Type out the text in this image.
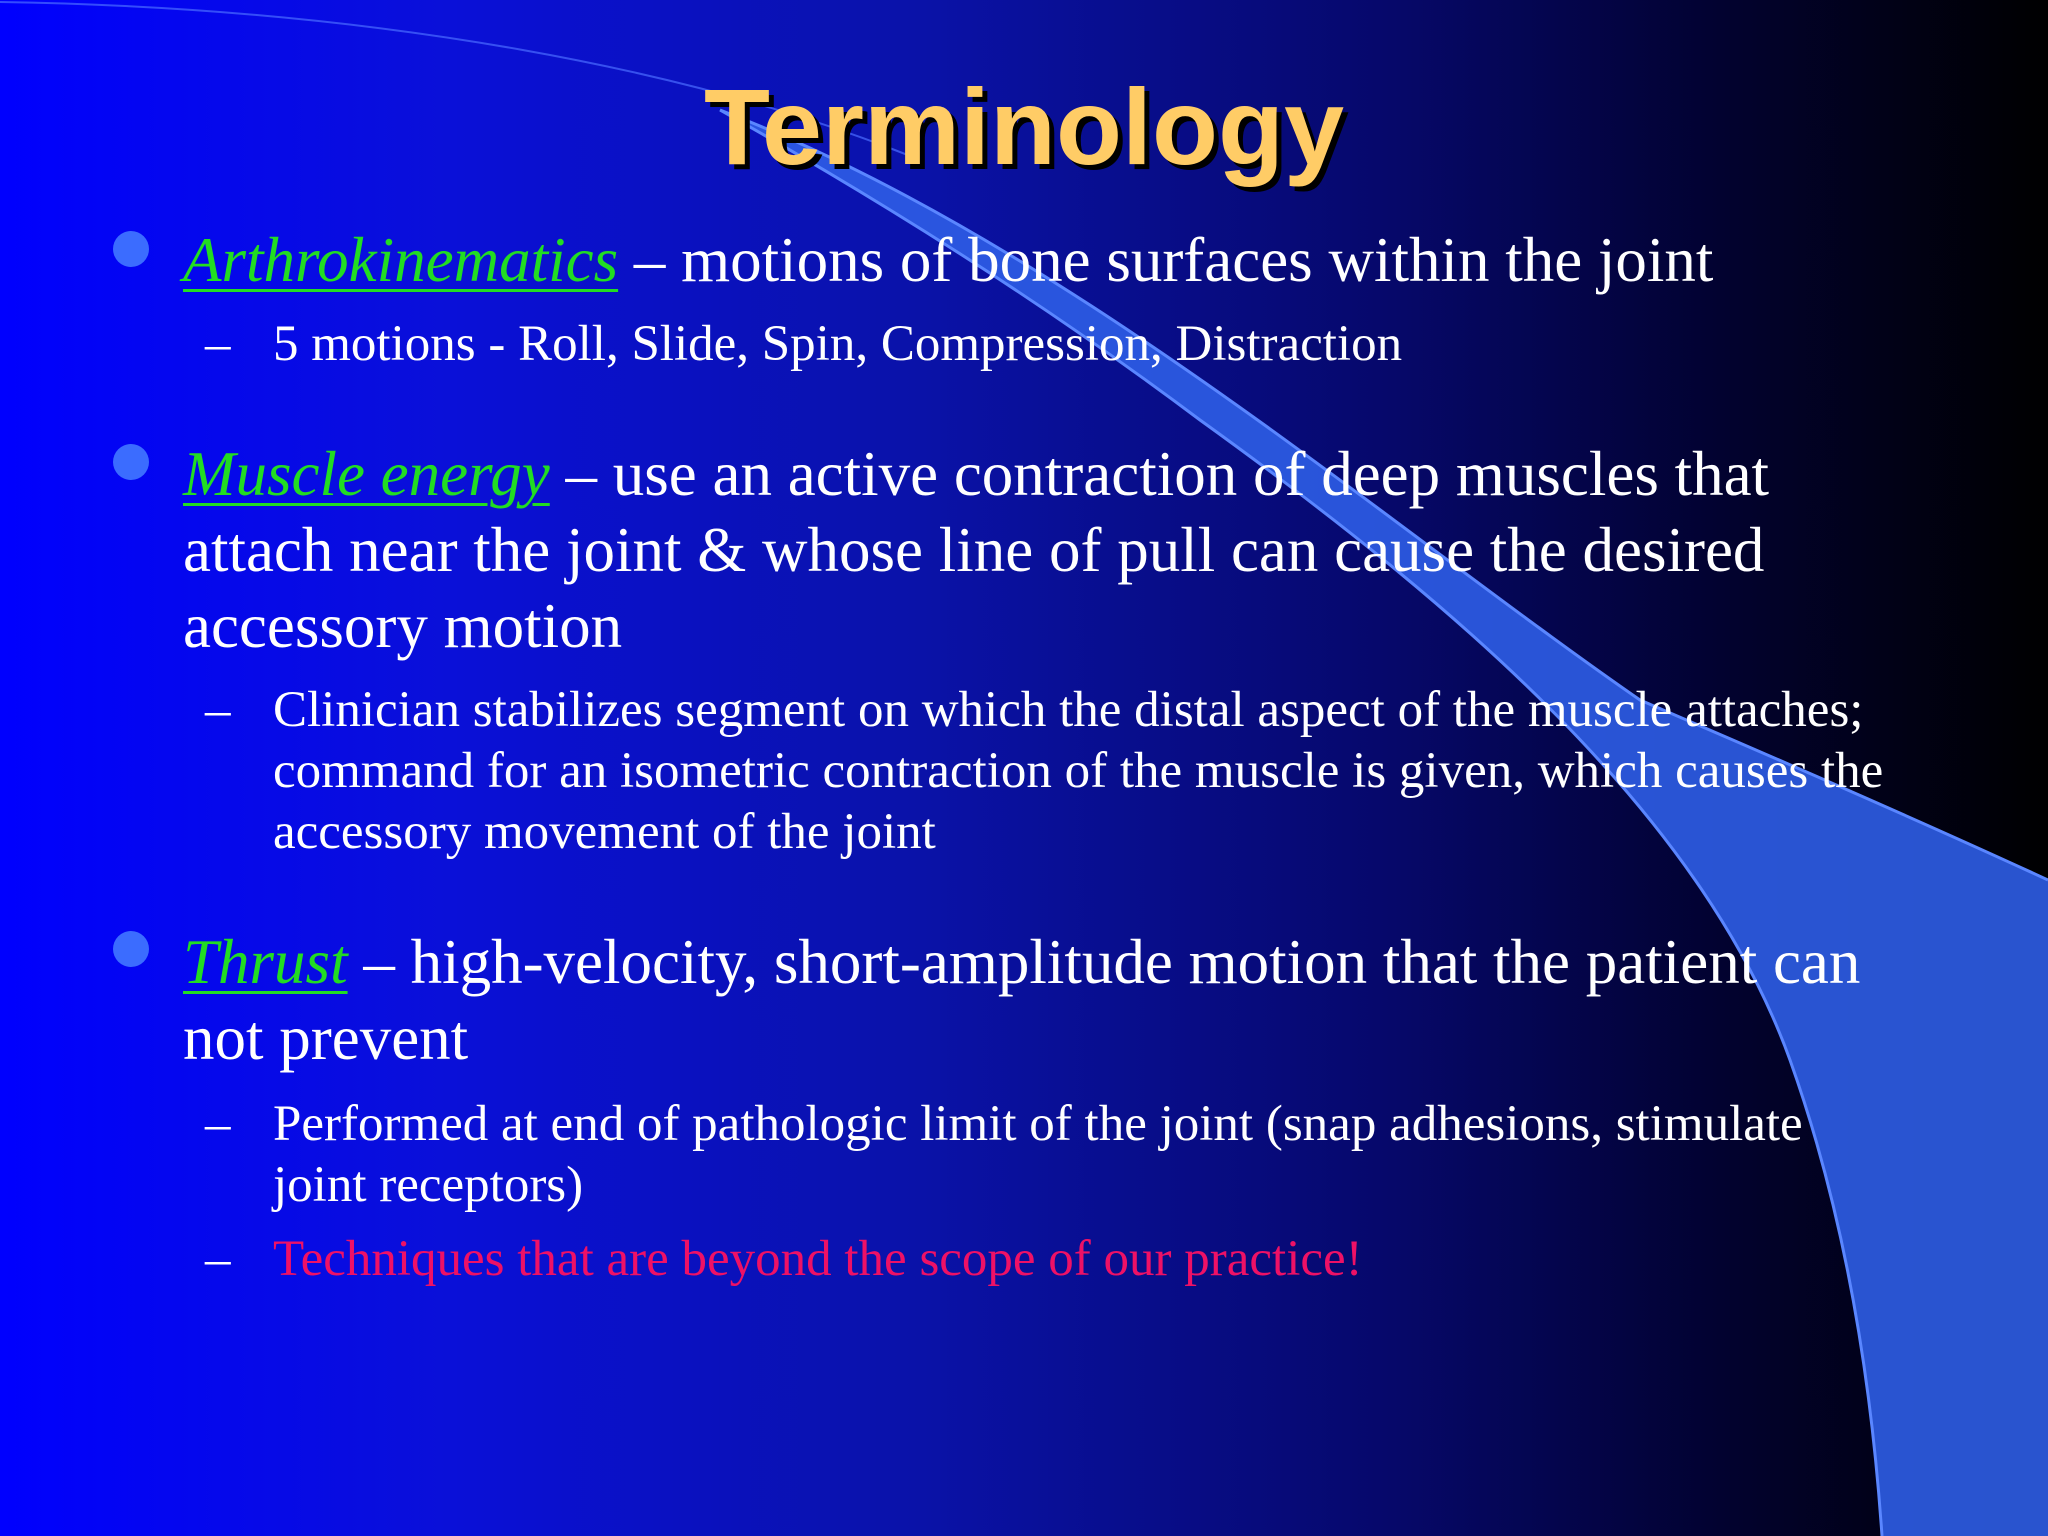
Terminology
Arthrokinematics – motions of bone surfaces within the joint
– 5 motions - Roll, Slide, Spin, Compression, Distraction
Muscle energy – use an active contraction of deep muscles that attach near the joint & whose line of pull can cause the desired accessory motion
– Clinician stabilizes segment on which the distal aspect of the muscle attaches; command for an isometric contraction of the muscle is given, which causes the accessory movement of the joint
Thrust – high-velocity, short-amplitude motion that the patient can not prevent
– Performed at end of pathologic limit of the joint (snap adhesions, stimulate joint receptors)
– Techniques that are beyond the scope of our practice!
